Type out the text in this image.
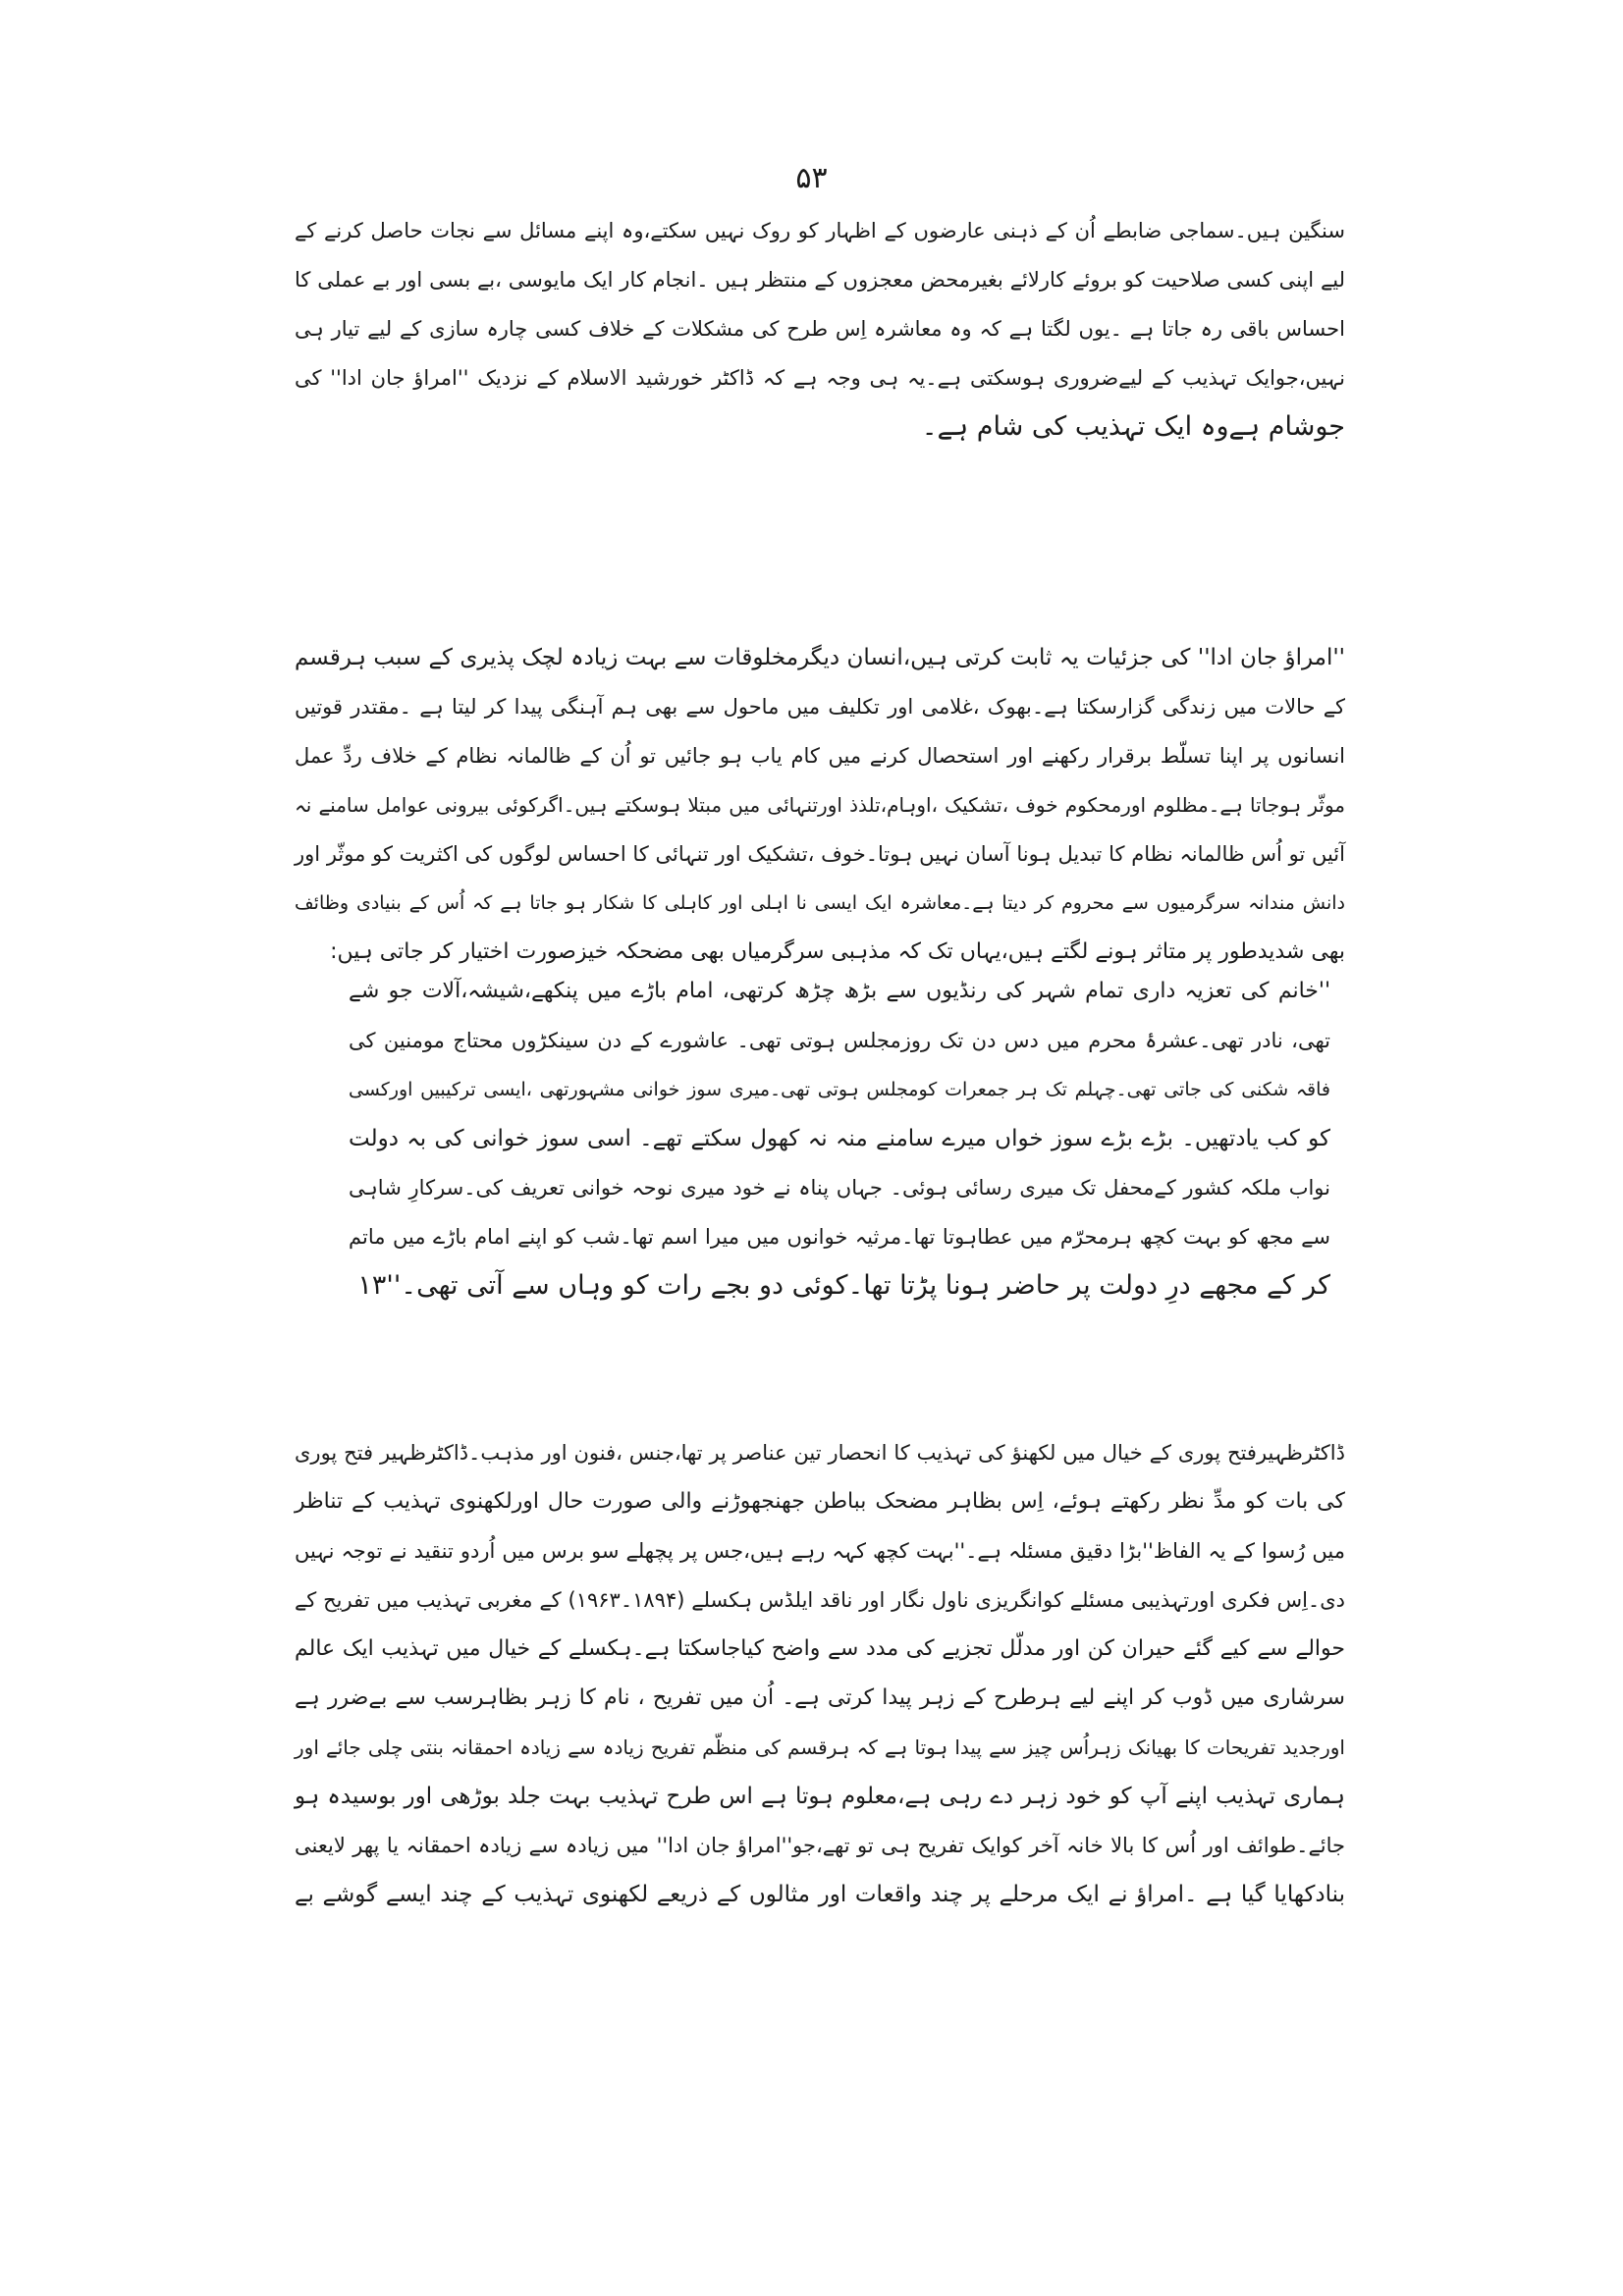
۵۳
سنگین ہیں۔سماجی ضابطے اُن کے ذہنی عارضوں کے اظہار کو روک نہیں سکتے،وہ اپنے مسائل سے نجات حاصل کرنے کے
لیے اپنی کسی صلاحیت کو بروئے کارلائے بغیرمحض معجزوں کے منتظر ہیں ۔انجام کار ایک مایوسی ،بے بسی اور بے عملی کا
احساس باقی رہ جاتا ہے ۔یوں لگتا ہے کہ وہ معاشرہ اِس طرح کی مشکلات کے خلاف کسی چارہ سازی کے لیے تیار ہی
نہیں،جوایک تہذیب کے لیےضروری ہوسکتی ہے۔یہ ہی وجہ ہے کہ ڈاکٹر خورشید الاسلام کے نزدیک ''امراؤ جان ادا'' کی
جوشام ہےوہ ایک تہذیب کی شام ہے۔
''امراؤ جان ادا'' کی جزئیات یہ ثابت کرتی ہیں،انسان دیگرمخلوقات سے بہت زیادہ لچک پذیری کے سبب ہرقسم
کے حالات میں زندگی گزارسکتا ہے۔بھوک ،غلامی اور تکلیف میں ماحول سے بھی ہم آہنگی پیدا کر لیتا ہے ۔مقتدر قوتیں
انسانوں پر اپنا تسلّط برقرار رکھنے اور استحصال کرنے میں کام یاب ہو جائیں تو اُن کے ظالمانہ نظام کے خلاف ردِّ عمل
موثّر ہوجاتا ہے۔مظلوم اورمحکوم خوف ،تشکیک ،اوہام،تلذذ اورتنہائی میں مبتلا ہوسکتے ہیں۔اگرکوئی بیرونی عوامل سامنے نہ
آئیں تو اُس ظالمانہ نظام کا تبدیل ہونا آسان نہیں ہوتا۔خوف ،تشکیک اور تنہائی کا احساس لوگوں کی اکثریت کو موثّر اور
دانش مندانہ سرگرمیوں سے محروم کر دیتا ہے۔معاشرہ ایک ایسی نا اہلی اور کاہلی کا شکار ہو جاتا ہے کہ اُس کے بنیادی وظائف
بھی شدیدطور پر متاثر ہونے لگتے ہیں،یہاں تک کہ مذہبی سرگرمیاں بھی مضحکہ خیزصورت اختیار کر جاتی ہیں:
''خانم کی تعزیہ داری تمام شہر کی رنڈیوں سے بڑھ چڑھ کرتھی، امام باڑے میں پنکھے،شیشہ،آلات جو شے
تھی، نادر تھی۔عشرۂ محرم میں دس دن تک روزمجلس ہوتی تھی۔ عاشورے کے دن سینکڑوں محتاج مومنین کی
فاقہ شکنی کی جاتی تھی۔چہلم تک ہر جمعرات کومجلس ہوتی تھی۔میری سوز خوانی مشہورتھی ،ایسی ترکیبیں اورکسی
کو کب یادتھیں۔ بڑے بڑے سوز خواں میرے سامنے منہ نہ کھول سکتے تھے۔ اسی سوز خوانی کی بہ دولت
نواب ملکہ کشور کےمحفل تک میری رسائی ہوئی۔ جہاں پناہ نے خود میری نوحہ خوانی تعریف کی۔سرکارِ شاہی
سے مجھ کو بہت کچھ ہرمحرّم میں عطاہوتا تھا۔مرثیہ خوانوں میں میرا اسم تھا۔شب کو اپنے امام باڑے میں ماتم
کر کے مجھے درِ دولت پر حاضر ہونا پڑتا تھا۔کوئی دو بجے رات کو وہاں سے آتی تھی۔''۱۳
ڈاکٹرظہیرفتح پوری کے خیال میں لکھنؤ کی تہذیب کا انحصار تین عناصر پر تھا،جنس ،فنون اور مذہب۔ڈاکٹرظہیر فتح پوری
کی بات کو مدِّ نظر رکھتے ہوئے، اِس بظاہر مضحک بباطن جھنجھوڑنے والی صورت حال اورلکھنوی تہذیب کے تناظر
میں رُسوا کے یہ الفاظ''بڑا دقیق مسئلہ ہے۔''بہت کچھ کہہ رہے ہیں،جس پر پچھلے سو برس میں اُردو تنقید نے توجہ نہیں
دی۔اِس فکری اورتہذیبی مسئلے کوانگریزی ناول نگار اور ناقد ایلڈس ہکسلے (۱۸۹۴۔۱۹۶۳) کے مغربی تہذیب میں تفریح کے
حوالے سے کیے گئے حیران کن اور مدلّل تجزیے کی مدد سے واضح کیاجاسکتا ہے۔ہکسلے کے خیال میں تہذیب ایک عالم
سرشاری میں ڈوب کر اپنے لیے ہرطرح کے زہر پیدا کرتی ہے۔ اُن میں تفریح ، نام کا زہر بظاہرسب سے بےضرر ہے
اورجدید تفریحات کا بھیانک زہراُس چیز سے پیدا ہوتا ہے کہ ہرقسم کی منظّم تفریح زیادہ سے زیادہ احمقانہ بنتی چلی جائے اور
ہماری تہذیب اپنے آپ کو خود زہر دے رہی ہے،معلوم ہوتا ہے اس طرح تہذیب بہت جلد بوڑھی اور بوسیدہ ہو
جائے۔طوائف اور اُس کا بالا خانہ آخر کوایک تفریح ہی تو تھے،جو''امراؤ جان ادا'' میں زیادہ سے زیادہ احمقانہ یا پھر لایعنی
بنادکھایا گیا ہے ۔امراؤ نے ایک مرحلے پر چند واقعات اور مثالوں کے ذریعے لکھنوی تہذیب کے چند ایسے گوشے بے
